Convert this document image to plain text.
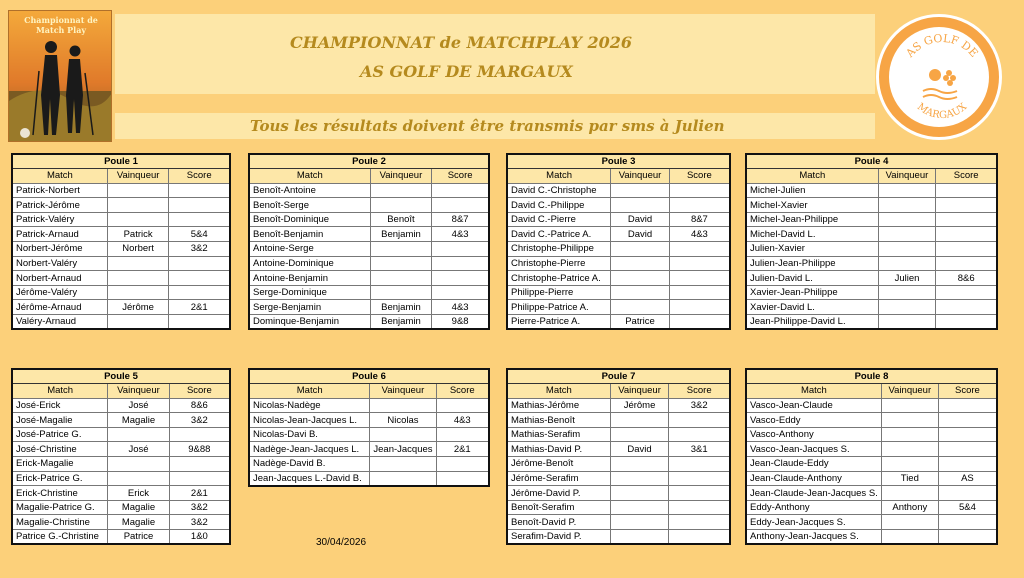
CHAMPIONNAT de MATCHPLAY 2026
AS GOLF DE MARGAUX
Tous les résultats doivent être transmis par sms à Julien
Championnat de Match Play
AS GOLF DE
MARGAUX
Poule 1		
Match	Vainqueur	Score
Patrick-Norbert		
Patrick-Jérôme		
Patrick-Valéry		
Patrick-Arnaud	Patrick	5&4
Norbert-Jérôme	Norbert	3&2
Norbert-Valéry		
Norbert-Arnaud		
Jérôme-Valéry		
Jérôme-Arnaud	Jérôme	2&1
Valéry-Arnaud		
Poule 2		
Match	Vainqueur	Score
Benoît-Antoine		
Benoît-Serge		
Benoît-Dominique	Benoît	8&7
Benoît-Benjamin	Benjamin	4&3
Antoine-Serge		
Antoine-Dominique		
Antoine-Benjamin		
Serge-Dominique		
Serge-Benjamin	Benjamin	4&3
Dominque-Benjamin	Benjamin	9&8
Poule 3		
Match	Vainqueur	Score
David C.-Christophe		
David C.-Philippe		
David C.-Pierre	David	8&7
David C.-Patrice A.	David	4&3
Christophe-Philippe		
Christophe-Pierre		
Christophe-Patrice A.		
Philippe-Pierre		
Philippe-Patrice A.		
Pierre-Patrice A.	Patrice	
Poule 4		
Match	Vainqueur	Score
Michel-Julien		
Michel-Xavier		
Michel-Jean-Philippe		
Michel-David L.		
Julien-Xavier		
Julien-Jean-Philippe		
Julien-David L.	Julien	8&6
Xavier-Jean-Philippe		
Xavier-David L.		
Jean-Philippe-David L.		
Poule 5		
Match	Vainqueur	Score
José-Erick	José	8&6
José-Magalie	Magalie	3&2
José-Patrice G.		
José-Christine	José	9&88
Erick-Magalie		
Erick-Patrice G.		
Erick-Christine	Erick	2&1
Magalie-Patrice G.	Magalie	3&2
Magalie-Christine	Magalie	3&2
Patrice G.-Christine	Patrice	1&0
Poule 6		
Match	Vainqueur	Score
Nicolas-Nadège		
Nicolas-Jean-Jacques L.	Nicolas	4&3
Nicolas-Davi B.		
Nadège-Jean-Jacques L.	Jean-Jacques	2&1
Nadège-David B.		
Jean-Jacques L.-David B.		
Poule 7		
Match	Vainqueur	Score
Mathias-Jérôme	Jérôme	3&2
Mathias-Benoît		
Mathias-Serafim		
Mathias-David P.	David	3&1
Jérôme-Benoît		
Jérôme-Serafim		
Jérôme-David P.		
Benoît-Serafim		
Benoît-David P.		
Serafim-David P.		
Poule 8		
Match	Vainqueur	Score
Vasco-Jean-Claude		
Vasco-Eddy		
Vasco-Anthony		
Vasco-Jean-Jacques S.		
Jean-Claude-Eddy		
Jean-Claude-Anthony	Tied	AS
Jean-Claude-Jean-Jacques S.		
Eddy-Anthony	Anthony	5&4
Eddy-Jean-Jacques S.		
Anthony-Jean-Jacques S.		
30/04/2026
